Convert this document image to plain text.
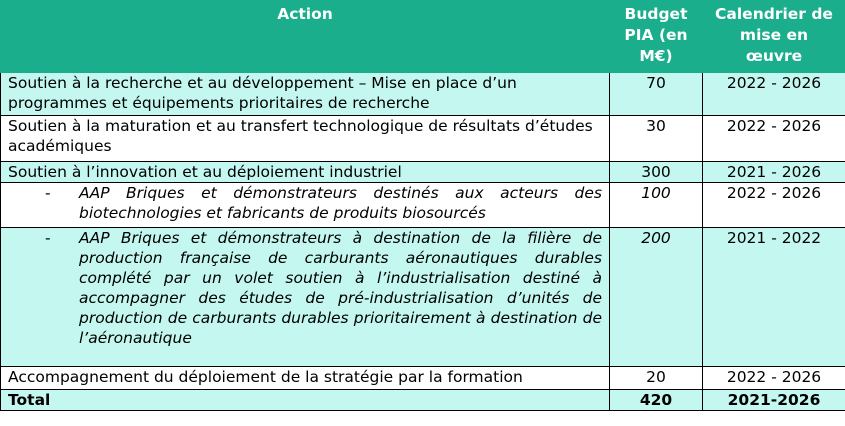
Action	Budget PIA (en M€)	Calendrier de mise en œuvre
Soutien à la recherche et au développement – Mise en place d’un programmes et équipements prioritaires de recherche	70	2022 - 2026
Soutien à la maturation et au transfert technologique de résultats d’études académiques	30	2022 - 2026
Soutien à l’innovation et au déploiement industriel	300	2021 - 2026

- AAP Briques et démonstrateurs destinés aux acteurs des biotechnologies et fabricants de produits biosourcés	100	2022 - 2026

- AAP Briques et démonstrateurs à destination de la filière de production française de carburants aéronautiques durables complété par un volet soutien à l’industrialisation destiné à accompagner des études de pré-industrialisation d’unités de production de carburants durables prioritairement à destination de l’aéronautique	200	2021 - 2022
Accompagnement du déploiement de la stratégie par la formation	20	2022 - 2026
Total	420	2021-2026
